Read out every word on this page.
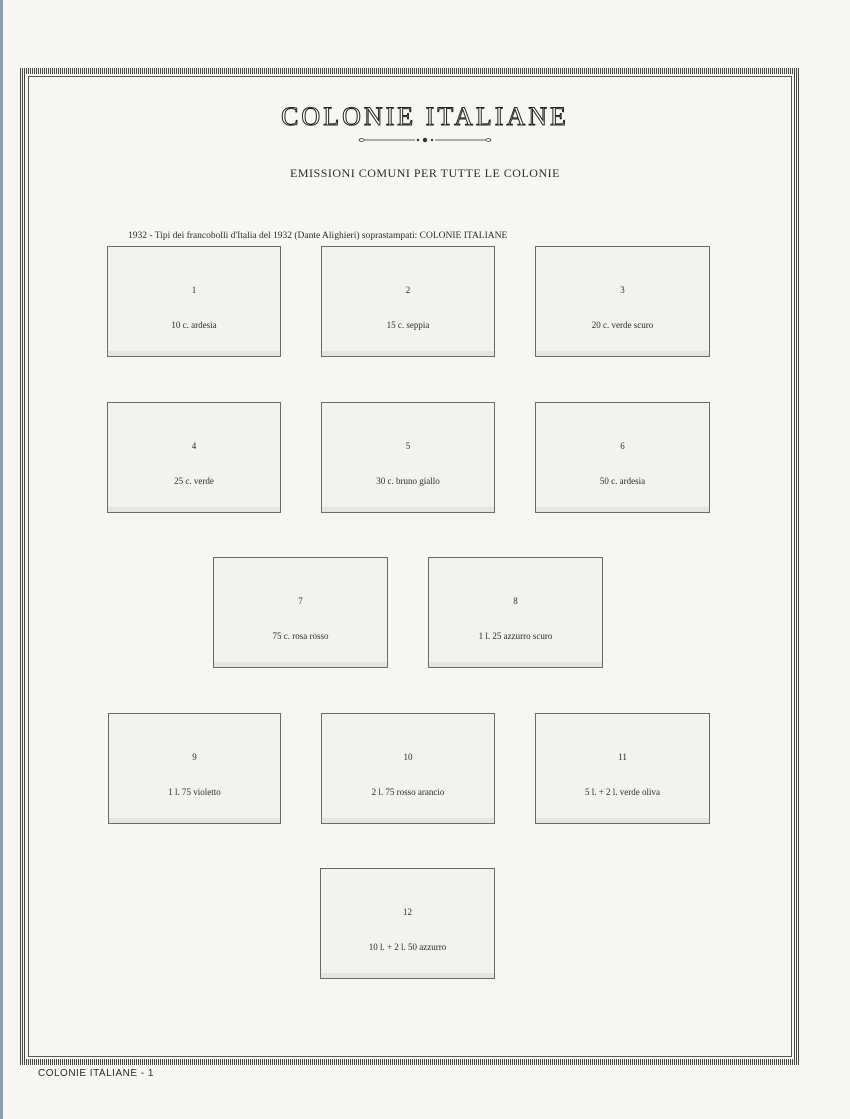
COLONIE ITALIANE
EMISSIONI COMUNI PER TUTTE LE COLONIE
1932 - Tipi dei francobolli d'Italia del 1932 (Dante Alighieri) soprastampati: COLONIE ITALIANE
1
10 c. ardesia
2
15 c. seppia
3
20 c. verde scuro
4
25 c. verde
5
30 c. bruno giallo
6
50 c. ardesia
7
75 c. rosa rosso
8
1 l. 25 azzurro scuro
9
1 l. 75 violetto
10
2 l. 75 rosso arancio
11
5 l. + 2 l. verde oliva
12
10 l. + 2 l. 50 azzurro
COLONIE ITALIANE - 1
